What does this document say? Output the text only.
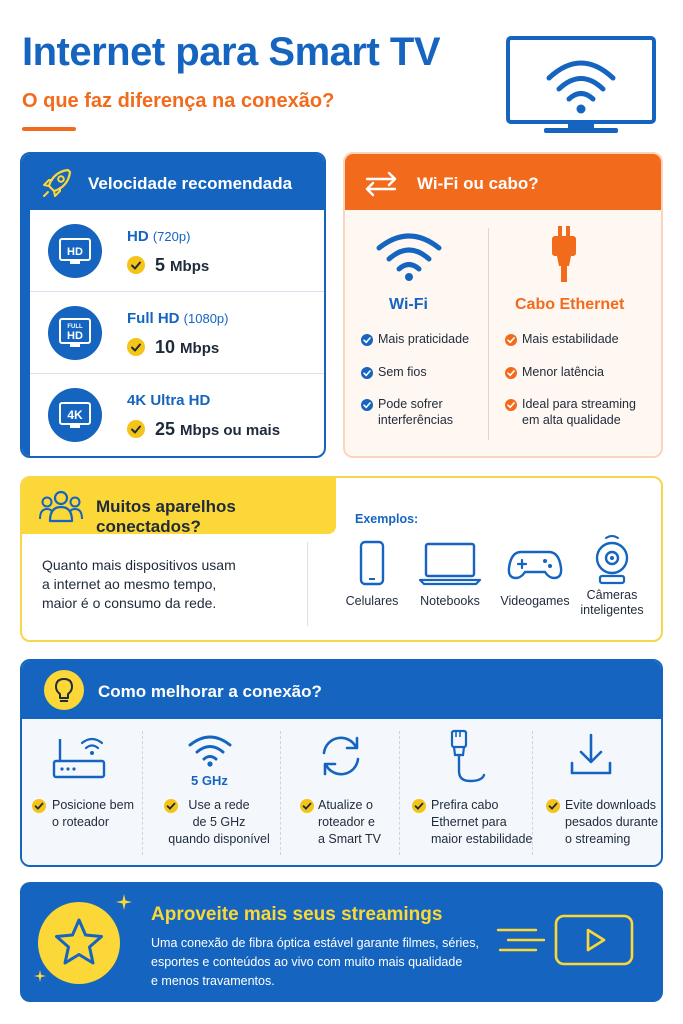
Internet para Smart TV
O que faz diferença na conexão?
Velocidade recomendada
HD
HD (720p)
5 Mbps
FULL
HD
Full HD (1080p)
10 Mbps
4K
4K Ultra HD
25 Mbps ou mais
Wi-Fi ou cabo?
Wi-Fi
Mais praticidade
Sem fios
Pode sofrer
interferências
Cabo Ethernet
Mais estabilidade
Menor latência
Ideal para streaming
em alta qualidade
Muitos aparelhos conectados?
Quanto mais dispositivos usam
a internet ao mesmo tempo,
maior é o consumo da rede.
Exemplos:
Celulares	Notebooks	Videogames	Câmeras
inteligentes
Como melhorar a conexão?
Posicione bem
o roteador
5 GHz
Use a rede
de 5 GHz
quando disponível
Atualize o
roteador e
a Smart TV
Prefira cabo
Ethernet para
maior estabilidade
Evite downloads
pesados durante
o streaming
Aproveite mais seus streamings
Uma conexão de fibra óptica estável garante filmes, séries,
esportes e conteúdos ao vivo com muito mais qualidade
e menos travamentos.
